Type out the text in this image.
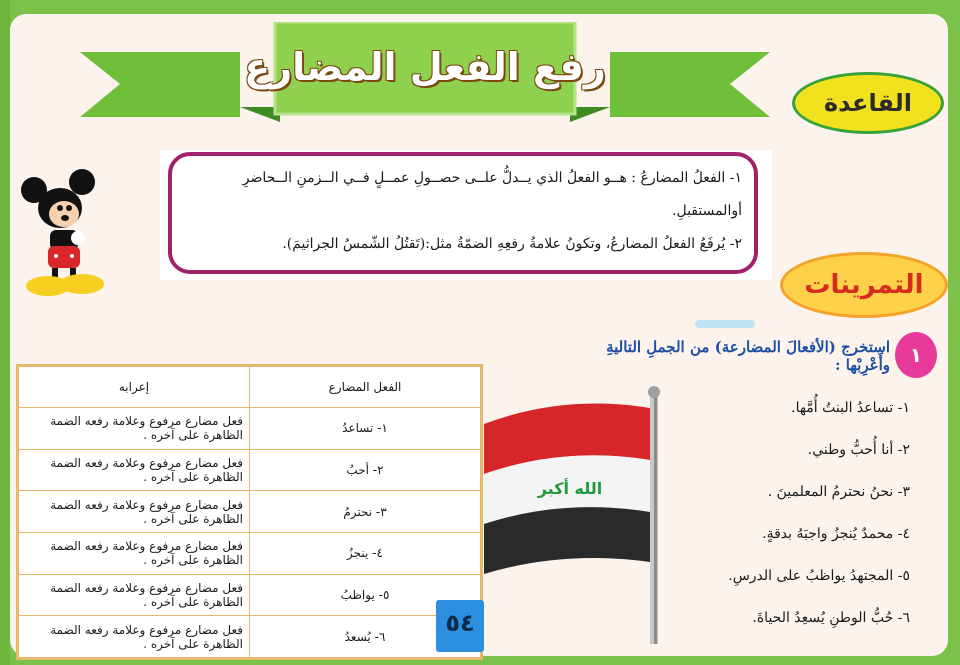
رفع الفعل المضارع
القاعدة

١- الفعلُ المضارعُ : هــو الفعلُ الذي يــدلُّ علــى حصــولِ عمــلٍ فــي الــزمنِ الــحاضرِ أوالمستقبلِ.

٢- يُرفَعُ الفعلُ المضارعُ، وتكونُ علامةُ رفعِهِ الضمّةُ مثل:(تَقتُلُ الشّمسُ الجراثيمَ).

التمرينات
١
استخرج (الأفعالَ المضارعة) من الجملِ التاليةِ وأَعْرِبْها :
١- تساعدُ البنتُ أُمَّها.
٢- أنا أُحبُّ وطني.
٣- نحنُ نحترمُ المعلمينَ .
٤- محمدٌ يُنجزُ واجبَهُ بدقةٍ.
٥- المجتهدُ يواظبُ على الدرسِ.
٦- حُبُّ الوطنِ يُسعِدُ الحياةَ.
الله أكبر
الفعل المضارع	إعرابه
١- تساعدُ	فعل مضارع مرفوع وعلامة رفعه الضمة الظاهرة على آخره .
٢- أحبُ	فعل مضارع مرفوع وعلامة رفعه الضمة الظاهرة على آخره .
٣- نحترمُ	فعل مضارع مرفوع وعلامة رفعه الضمة الظاهرة على آخره .
٤- ينجزُ	فعل مضارع مرفوع وعلامة رفعه الضمة الظاهرة على آخره .
٥- يواظبُ	فعل مضارع مرفوع وعلامة رفعه الضمة الظاهرة على آخره .
٦- يُسعدُ	فعل مضارع مرفوع وعلامة رفعه الضمة الظاهرة على آخره .
٥٤
